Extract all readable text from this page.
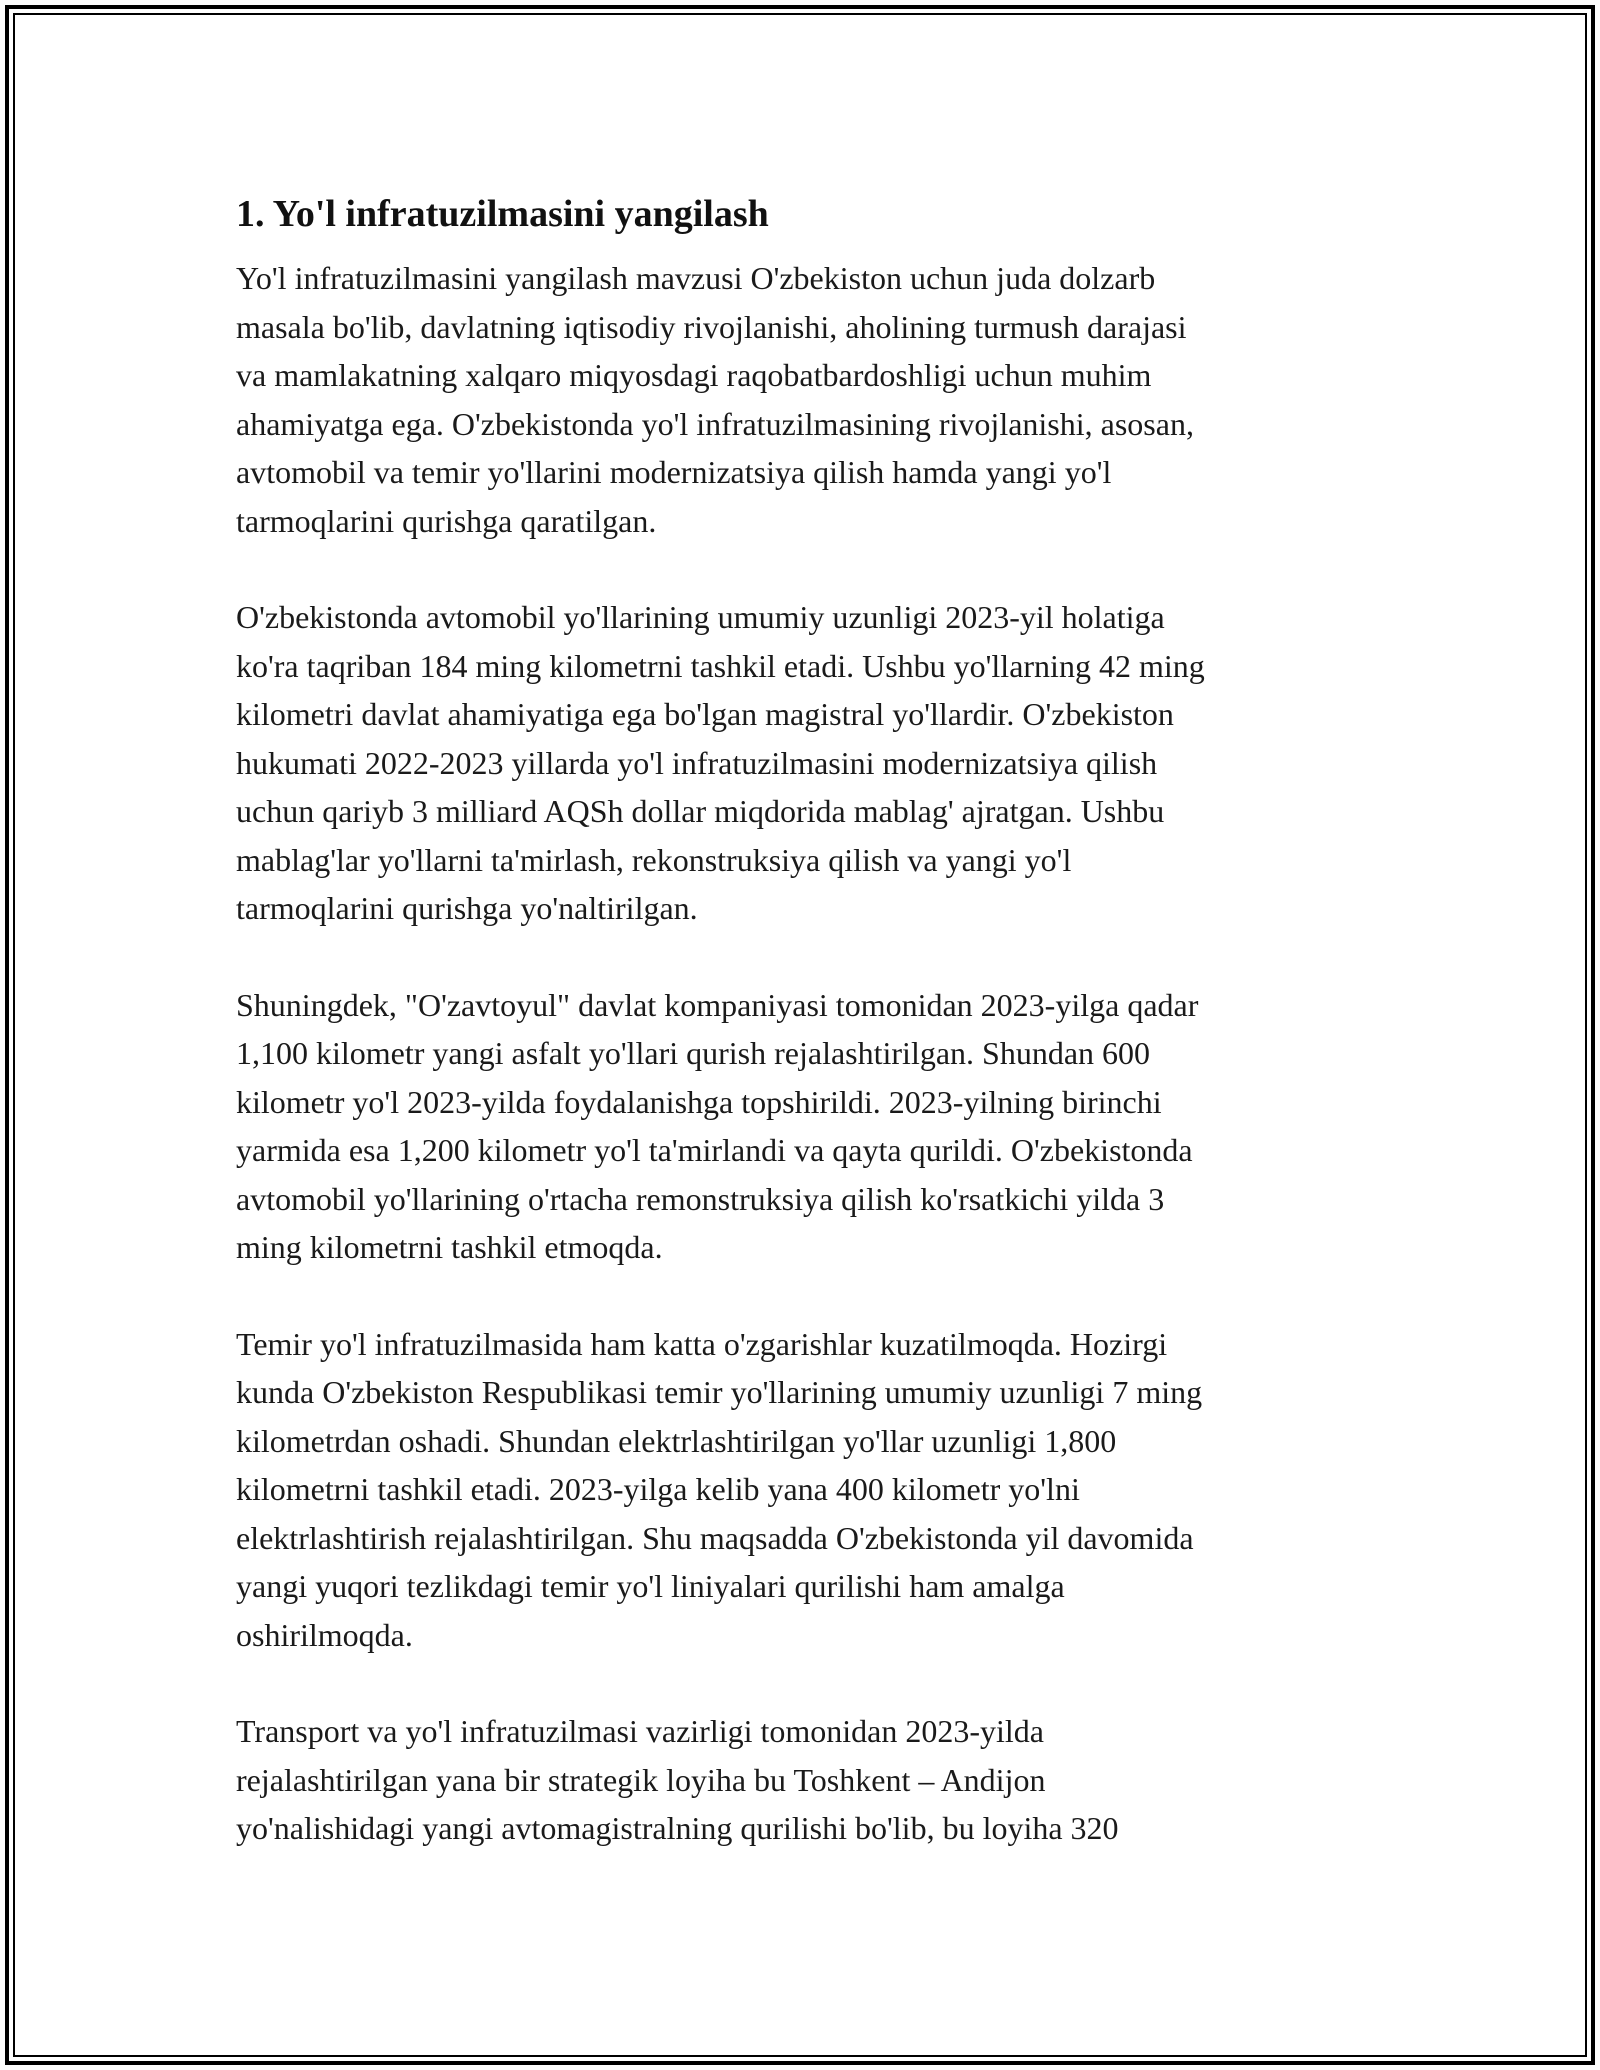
1. Yo'l infratuzilmasini yangilash

Yo'l infratuzilmasini yangilash mavzusi O'zbekiston uchun juda dolzarb
masala bo'lib, davlatning iqtisodiy rivojlanishi, aholining turmush darajasi
va mamlakatning xalqaro miqyosdagi raqobatbardoshligi uchun muhim
ahamiyatga ega. O'zbekistonda yo'l infratuzilmasining rivojlanishi, asosan,
avtomobil va temir yo'llarini modernizatsiya qilish hamda yangi yo'l
tarmoqlarini qurishga qaratilgan.

O'zbekistonda avtomobil yo'llarining umumiy uzunligi 2023-yil holatiga
ko'ra taqriban 184 ming kilometrni tashkil etadi. Ushbu yo'llarning 42 ming
kilometri davlat ahamiyatiga ega bo'lgan magistral yo'llardir. O'zbekiston
hukumati 2022-2023 yillarda yo'l infratuzilmasini modernizatsiya qilish
uchun qariyb 3 milliard AQSh dollar miqdorida mablag' ajratgan. Ushbu
mablag'lar yo'llarni ta'mirlash, rekonstruksiya qilish va yangi yo'l
tarmoqlarini qurishga yo'naltirilgan.

Shuningdek, "O'zavtoyul" davlat kompaniyasi tomonidan 2023-yilga qadar
1,100 kilometr yangi asfalt yo'llari qurish rejalashtirilgan. Shundan 600
kilometr yo'l 2023-yilda foydalanishga topshirildi. 2023-yilning birinchi
yarmida esa 1,200 kilometr yo'l ta'mirlandi va qayta qurildi. O'zbekistonda
avtomobil yo'llarining o'rtacha remonstruksiya qilish ko'rsatkichi yilda 3
ming kilometrni tashkil etmoqda.

Temir yo'l infratuzilmasida ham katta o'zgarishlar kuzatilmoqda. Hozirgi
kunda O'zbekiston Respublikasi temir yo'llarining umumiy uzunligi 7 ming
kilometrdan oshadi. Shundan elektrlashtirilgan yo'llar uzunligi 1,800
kilometrni tashkil etadi. 2023-yilga kelib yana 400 kilometr yo'lni
elektrlashtirish rejalashtirilgan. Shu maqsadda O'zbekistonda yil davomida
yangi yuqori tezlikdagi temir yo'l liniyalari qurilishi ham amalga
oshirilmoqda.

Transport va yo'l infratuzilmasi vazirligi tomonidan 2023-yilda
rejalashtirilgan yana bir strategik loyiha bu Toshkent – Andijon
yo'nalishidagi yangi avtomagistralning qurilishi bo'lib, bu loyiha 320
